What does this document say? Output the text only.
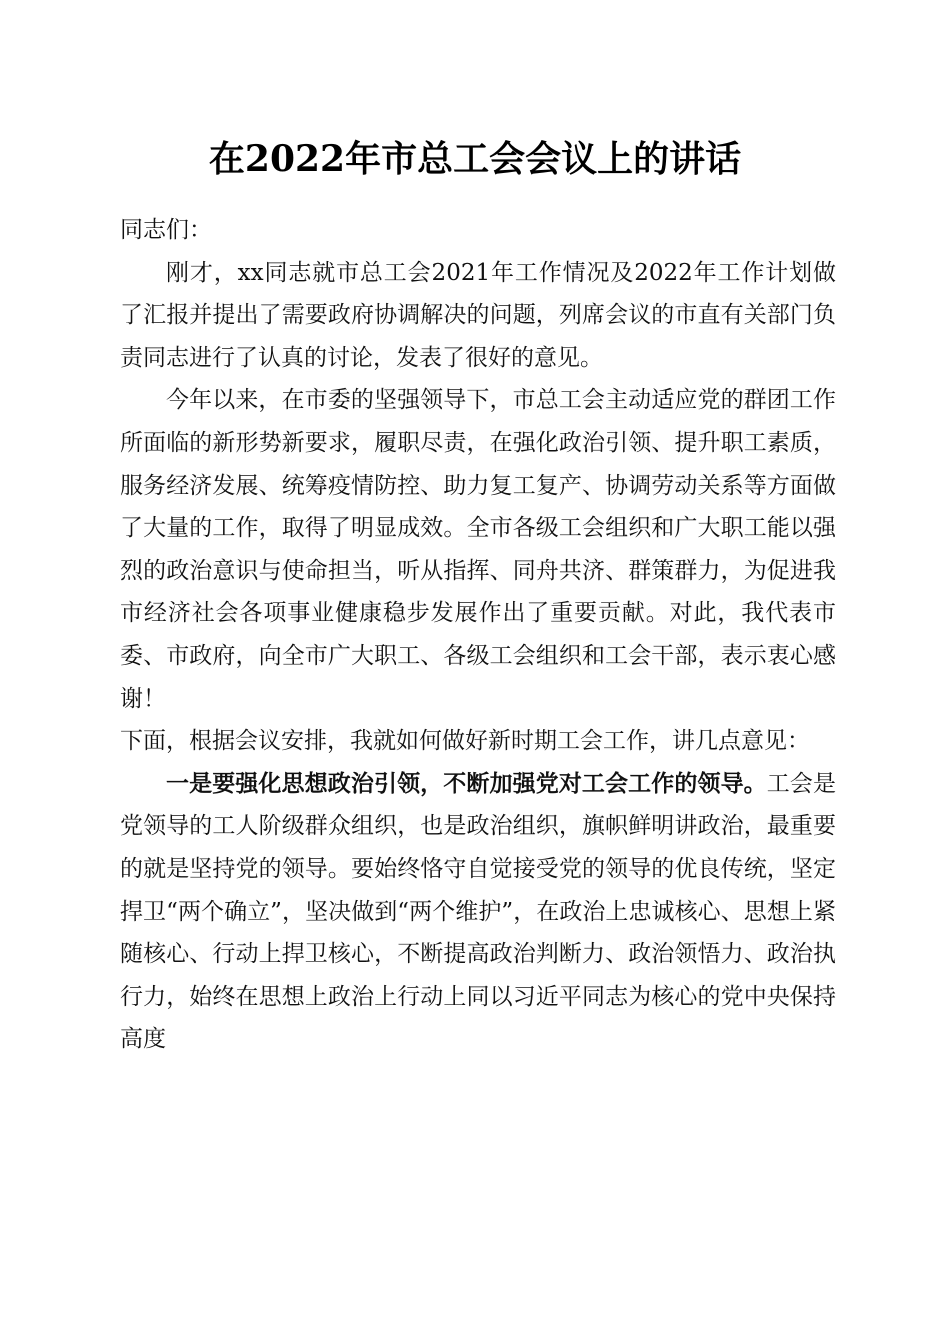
在2022年市总工会会议上的讲话

同志们：

刚才，xx同志就市总工会2021年工作情况及2022年工作计划做了汇报并提出了需要政府协调解决的问题，列席会议的市直有关部门负责同志进行了认真的讨论，发表了很好的意见。

今年以来，在市委的坚强领导下，市总工会主动适应党的群团工作所面临的新形势新要求，履职尽责，在强化政治引领、提升职工素质，服务经济发展、统筹疫情防控、助力复工复产、协调劳动关系等方面做了大量的工作，取得了明显成效。全市各级工会组织和广大职工能以强烈的政治意识与使命担当，听从指挥、同舟共济、群策群力，为促进我市经济社会各项事业健康稳步发展作出了重要贡献。对此，我代表市委、市政府，向全市广大职工、各级工会组织和工会干部，表示衷心感谢！

下面，根据会议安排，我就如何做好新时期工会工作，讲几点意见：

一是要强化思想政治引领，不断加强党对工会工作的领导。工会是党领导的工人阶级群众组织，也是政治组织，旗帜鲜明讲政治，最重要的就是坚持党的领导。要始终恪守自觉接受党的领导的优良传统，坚定捍卫“两个确立”，坚决做到“两个维护”，在政治上忠诚核心、思想上紧随核心、行动上捍卫核心，不断提高政治判断力、政治领悟力、政治执行力，始终在思想上政治上行动上同以习近平同志为核心的党中央保持高度
